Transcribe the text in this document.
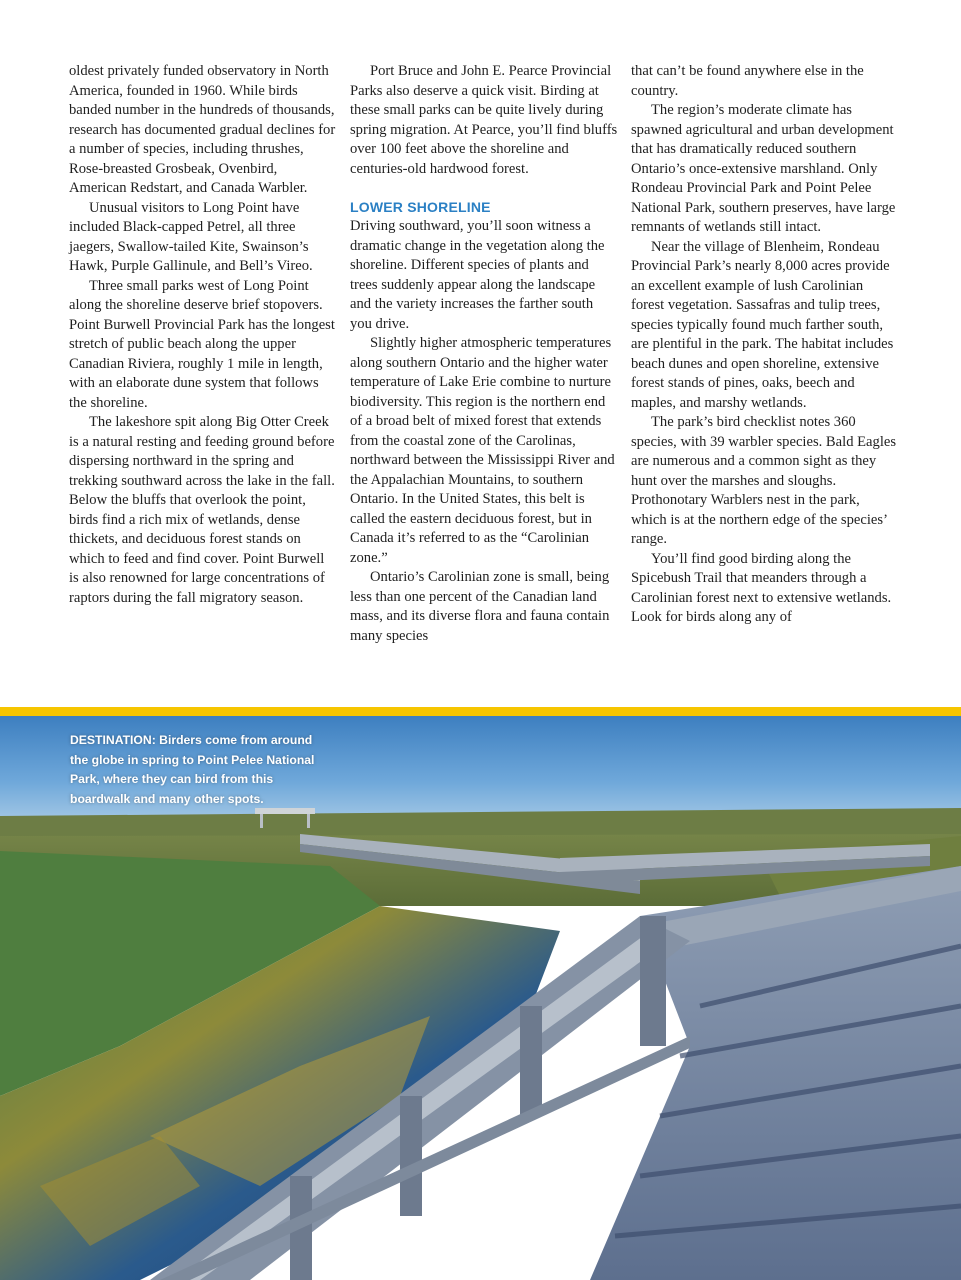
oldest privately funded observatory in North America, founded in 1960. While birds banded number in the hundreds of thousands, research has documented gradual declines for a number of species, including thrushes, Rose-breasted Grosbeak, Ovenbird, American Redstart, and Canada Warbler.

Unusual visitors to Long Point have included Black-capped Petrel, all three jaegers, Swallow-tailed Kite, Swainson’s Hawk, Purple Gallinule, and Bell’s Vireo.

Three small parks west of Long Point along the shoreline deserve brief stopovers. Point Burwell Provincial Park has the longest stretch of public beach along the upper Canadian Riviera, roughly 1 mile in length, with an elaborate dune system that follows the shoreline.

The lakeshore spit along Big Otter Creek is a natural resting and feeding ground before dispersing northward in the spring and trekking southward across the lake in the fall. Below the bluffs that overlook the point, birds find a rich mix of wetlands, dense thickets, and deciduous forest stands on which to feed and find cover. Point Burwell is also renowned for large concentrations of raptors during the fall migratory season.

Port Bruce and John E. Pearce Provincial Parks also deserve a quick visit. Birding at these small parks can be quite lively during spring migration. At Pearce, you’ll find bluffs over 100 feet above the shoreline and centuries-old hardwood forest.

LOWER SHORELINE

Driving southward, you’ll soon witness a dramatic change in the vegetation along the shoreline. Different species of plants and trees suddenly appear along the landscape and the variety increases the farther south you drive.

Slightly higher atmospheric temperatures along southern Ontario and the higher water temperature of Lake Erie combine to nurture biodiversity. This region is the northern end of a broad belt of mixed forest that extends from the coastal zone of the Carolinas, northward between the Mississippi River and the Appalachian Mountains, to southern Ontario. In the United States, this belt is called the eastern deciduous forest, but in Canada it’s referred to as the “Carolinian zone.”

Ontario’s Carolinian zone is small, being less than one percent of the Canadian land mass, and its diverse flora and fauna contain many species

that can’t be found anywhere else in the country.

The region’s moderate climate has spawned agricultural and urban development that has dramatically reduced southern Ontario’s once-extensive marshland. Only Rondeau Provincial Park and Point Pelee National Park, southern preserves, have large remnants of wetlands still intact.

Near the village of Blenheim, Rondeau Provincial Park’s nearly 8,000 acres provide an excellent example of lush Carolinian forest vegetation. Sassafras and tulip trees, species typically found much farther south, are plentiful in the park. The habitat includes beach dunes and open shoreline, extensive forest stands of pines, oaks, beech and maples, and marshy wetlands.

The park’s bird checklist notes 360 species, with 39 warbler species. Bald Eagles are numerous and a common sight as they hunt over the marshes and sloughs. Prothonotary Warblers nest in the park, which is at the northern edge of the species’ range.

You’ll find good birding along the Spicebush Trail that meanders through a Carolinian forest next to extensive wetlands. Look for birds along any of

DESTINATION: Birders come from around the globe in spring to Point Pelee National Park, where they can bird from this boardwalk and many other spots.
